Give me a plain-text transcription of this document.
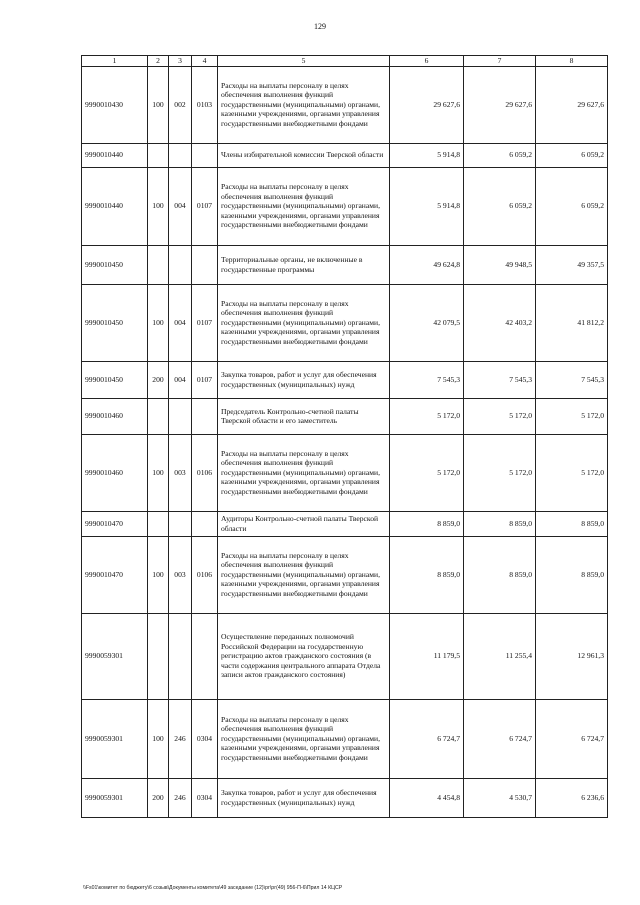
129
1	2	3	4	5	6	7	8
9990010430	100	002	0103	Расходы на выплаты персоналу в целях обеспечения выполнения функций государственными (муниципальными) органами, казенными учреждениями, органами управления государственными внебюджетными фондами	29 627,6	29 627,6	29 627,6
9990010440				Члены избирательной комиссии Тверской области	5 914,8	6 059,2	6 059,2
9990010440	100	004	0107	Расходы на выплаты персоналу в целях обеспечения выполнения функций государственными (муниципальными) органами, казенными учреждениями, органами управления государственными внебюджетными фондами	5 914,8	6 059,2	6 059,2
9990010450				Территориальные органы, не включенные в государственные программы	49 624,8	49 948,5	49 357,5
9990010450	100	004	0107	Расходы на выплаты персоналу в целях обеспечения выполнения функций государственными (муниципальными) органами, казенными учреждениями, органами управления государственными внебюджетными фондами	42 079,5	42 403,2	41 812,2
9990010450	200	004	0107	Закупка товаров, работ и услуг для обеспечения государственных (муниципальных) нужд	7 545,3	7 545,3	7 545,3
9990010460				Председатель Контрольно-счетной палаты Тверской области и его заместитель	5 172,0	5 172,0	5 172,0
9990010460	100	003	0106	Расходы на выплаты персоналу в целях обеспечения выполнения функций государственными (муниципальными) органами, казенными учреждениями, органами управления государственными внебюджетными фондами	5 172,0	5 172,0	5 172,0
9990010470				Аудиторы Контрольно-счетной палаты Тверской области	8 859,0	8 859,0	8 859,0
9990010470	100	003	0106	Расходы на выплаты персоналу в целях обеспечения выполнения функций государственными (муниципальными) органами, казенными учреждениями, органами управления государственными внебюджетными фондами	8 859,0	8 859,0	8 859,0
9990059301				Осуществление переданных полномочий Российской Федерации на государственную регистрацию актов гражданского состояния (в части содержания центрального аппарата Отдела записи актов гражданского состояния)	11 179,5	11 255,4	12 961,3
9990059301	100	246	0304	Расходы на выплаты персоналу в целях обеспечения выполнения функций государственными (муниципальными) органами, казенными учреждениями, органами управления государственными внебюджетными фондами	6 724,7	6 724,7	6 724,7
9990059301	200	246	0304	Закупка товаров, работ и услуг для обеспечения государственных (муниципальных) нужд	4 454,8	4 530,7	6 236,6
\\Fs01\комитет по бюджету\6 созыв\Документы комитета\49 заседание (12)\рг\рг(49) 956-П-6\Прил 14 КЦСР
